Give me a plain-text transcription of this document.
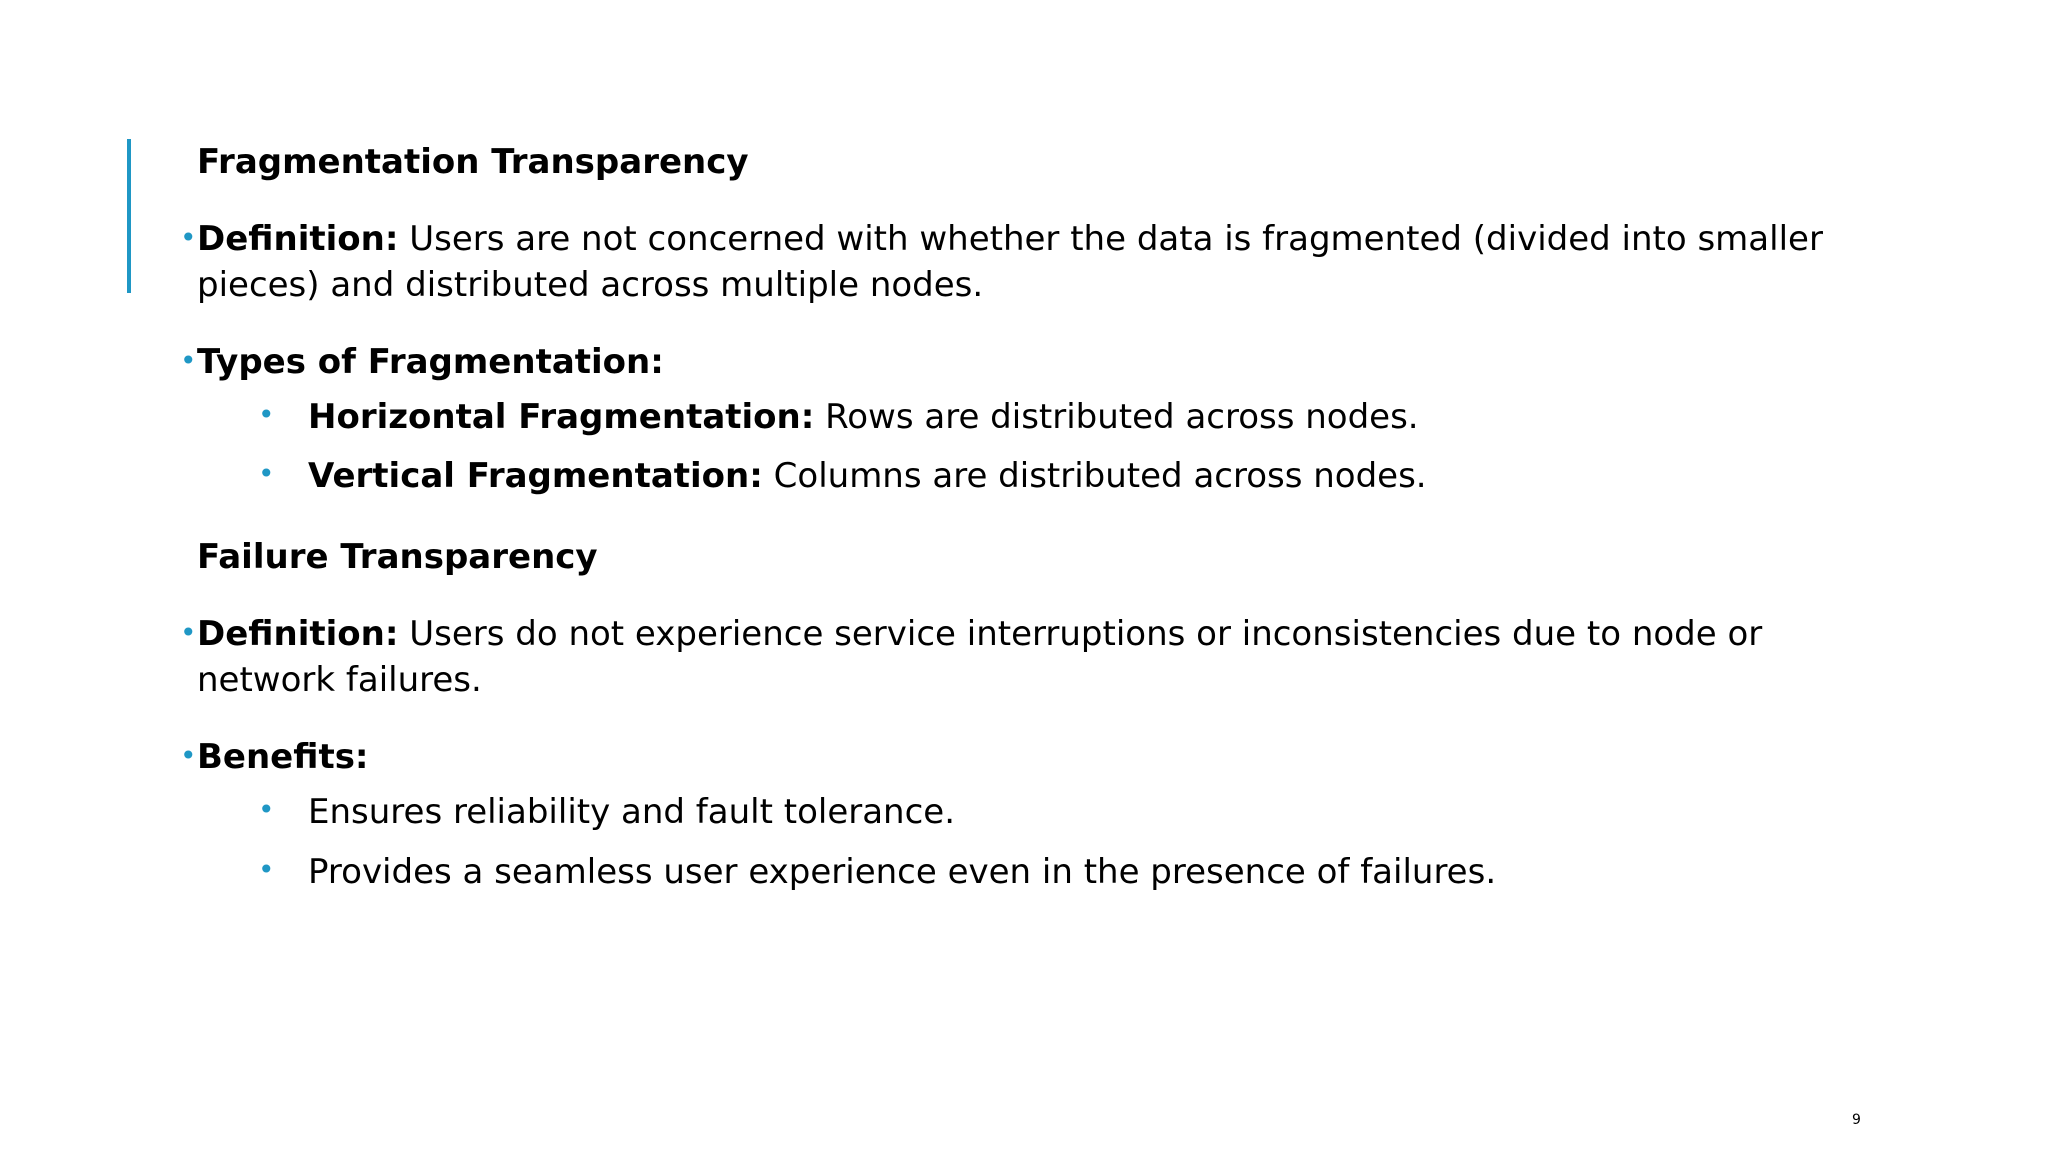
Fragmentation Transparency
• Definition: Users are not concerned with whether the data is fragmented (divided into smaller pieces) and distributed across multiple nodes.
• Types of Fragmentation:
• Horizontal Fragmentation: Rows are distributed across nodes.
• Vertical Fragmentation: Columns are distributed across nodes.
Failure Transparency
• Definition: Users do not experience service interruptions or inconsistencies due to node or network failures.
• Benefits:
• Ensures reliability and fault tolerance.
• Provides a seamless user experience even in the presence of failures.
9
